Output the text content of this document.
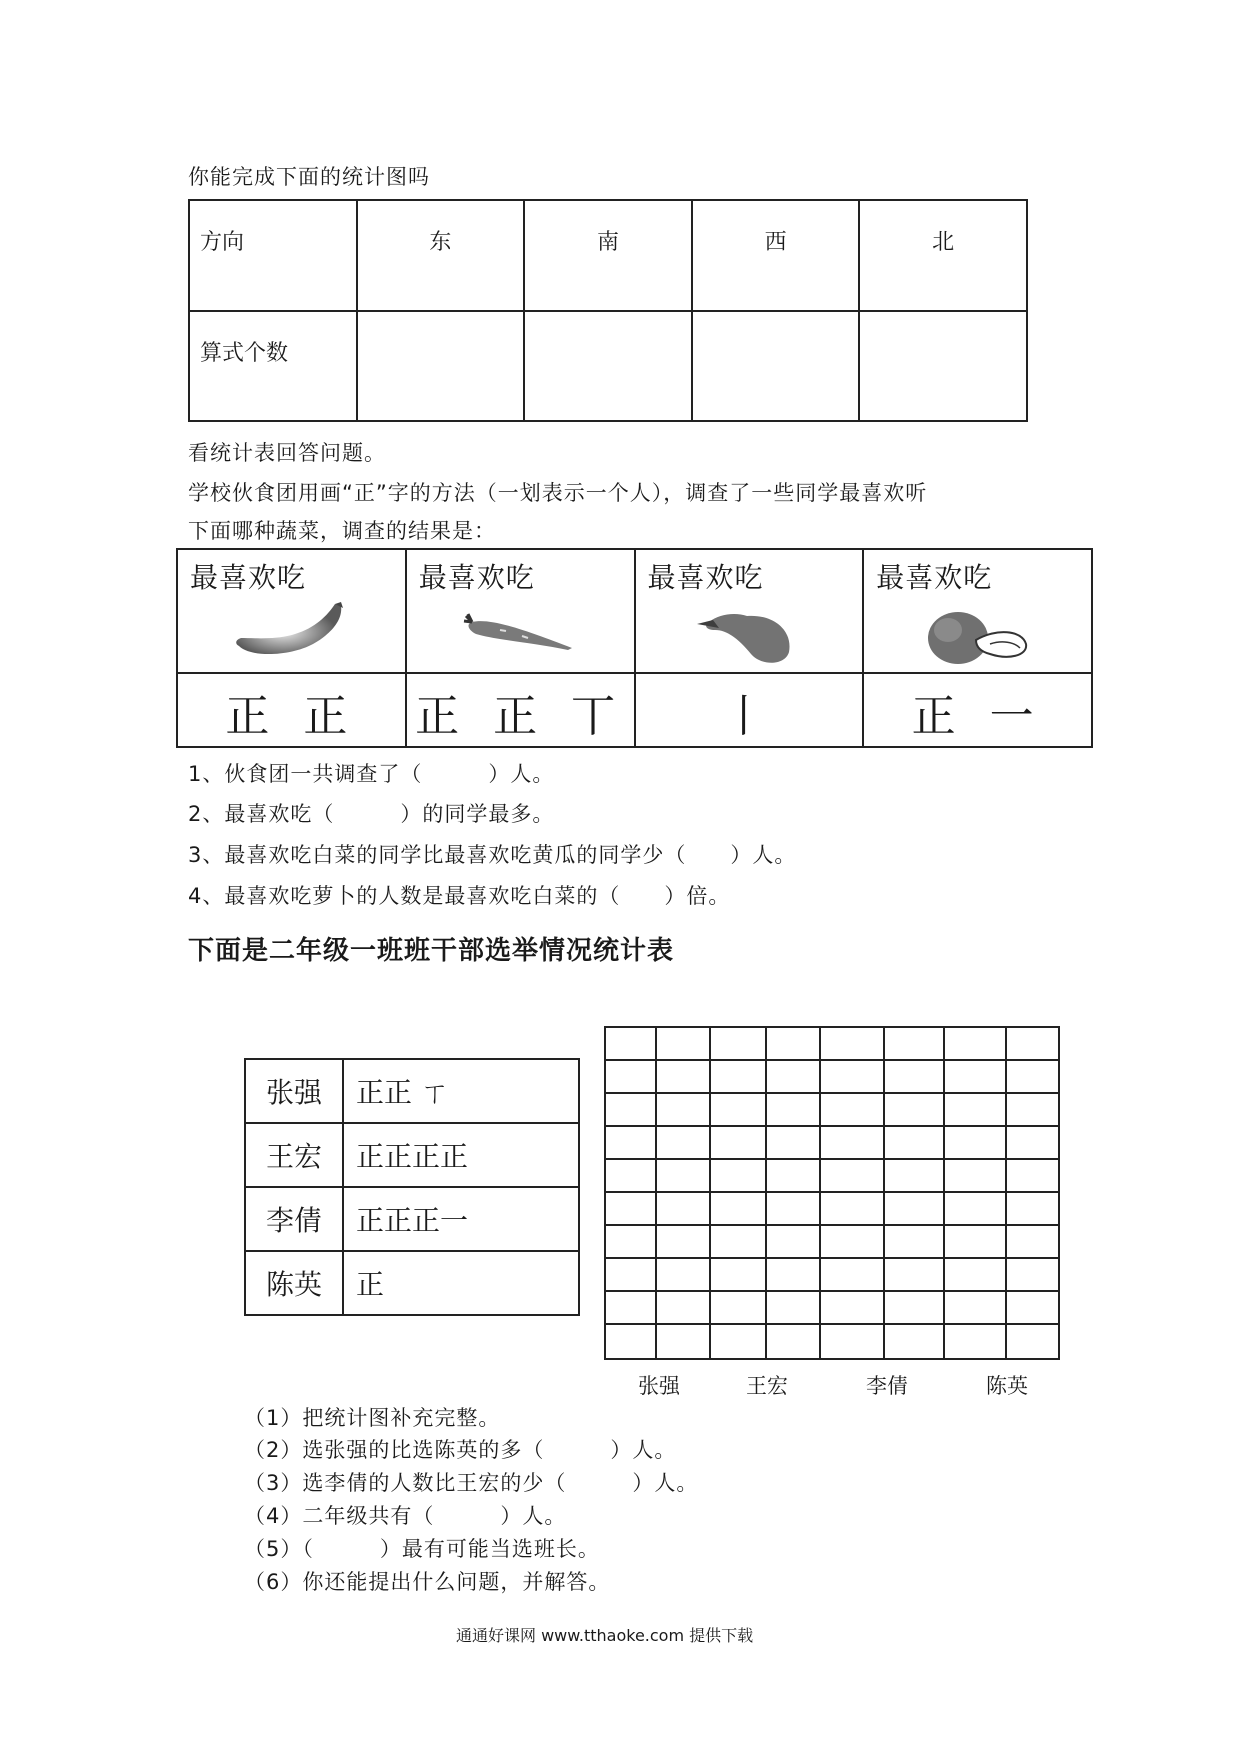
你能完成下面的统计图吗
方向	东	南	西	北
算式个数				
看统计表回答问题。
学校伙食团用画“正”字的方法（一划表示一个人），调查了一些同学最喜欢听
下面哪种蔬菜，调查的结果是：
最喜欢吃	最喜欢吃	最喜欢吃	最喜欢吃

正 正	正 正 丅	丨	正 一
1、伙食团一共调查了（　　　）人。
2、最喜欢吃（　　　）的同学最多。
3、最喜欢吃白菜的同学比最喜欢吃黄瓜的同学少（　　）人。
4、最喜欢吃萝卜的人数是最喜欢吃白菜的（　　）倍。
下面是二年级一班班干部选举情况统计表
张强	正正 ㄒ
王宏	正正正正
李倩	正正正一
陈英	正
张强	王宏	李倩	陈英
（1）把统计图补充完整。
（2）选张强的比选陈英的多（　　　）人。
（3）选李倩的人数比王宏的少（　　　）人。
（4）二年级共有（　　　）人。
（5）（　　　）最有可能当选班长。
（6）你还能提出什么问题，并解答。
通通好课网 www.tthaoke.com 提供下载
